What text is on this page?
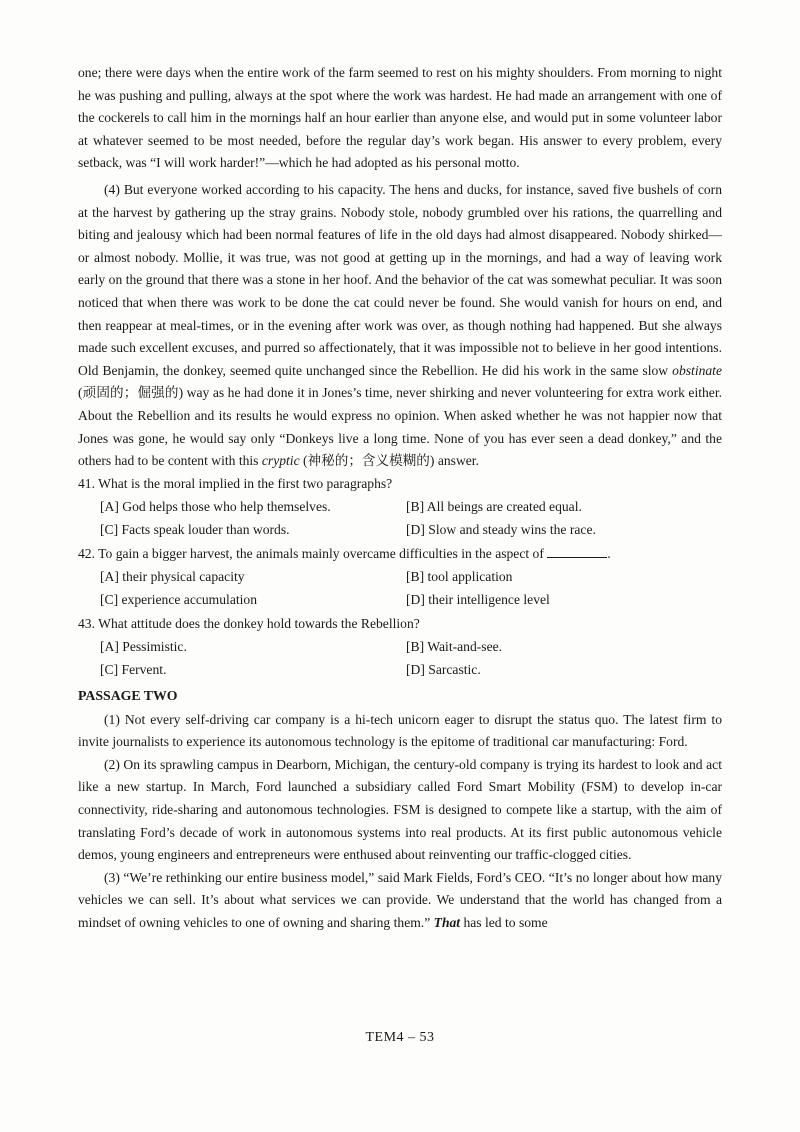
one; there were days when the entire work of the farm seemed to rest on his mighty shoulders. From morning to night he was pushing and pulling, always at the spot where the work was hardest. He had made an arrangement with one of the cockerels to call him in the mornings half an hour earlier than anyone else, and would put in some volunteer labor at whatever seemed to be most needed, before the regular day’s work began. His answer to every problem, every setback, was “I will work harder!”—which he had adopted as his personal motto.

(4) But everyone worked according to his capacity. The hens and ducks, for instance, saved five bushels of corn at the harvest by gathering up the stray grains. Nobody stole, nobody grumbled over his rations, the quarrelling and biting and jealousy which had been normal features of life in the old days had almost disappeared. Nobody shirked—or almost nobody. Mollie, it was true, was not good at getting up in the mornings, and had a way of leaving work early on the ground that there was a stone in her hoof. And the behavior of the cat was somewhat peculiar. It was soon noticed that when there was work to be done the cat could never be found. She would vanish for hours on end, and then reappear at meal-times, or in the evening after work was over, as though nothing had happened. But she always made such excellent excuses, and purred so affectionately, that it was impossible not to believe in her good intentions. Old Benjamin, the donkey, seemed quite unchanged since the Rebellion. He did his work in the same slow obstinate (顽固的；倔强的) way as he had done it in Jones’s time, never shirking and never volunteering for extra work either. About the Rebellion and its results he would express no opinion. When asked whether he was not happier now that Jones was gone, he would say only “Donkeys live a long time. None of you has ever seen a dead donkey,” and the others had to be content with this cryptic (神秘的；含义模糊的) answer.

41. What is the moral implied in the first two paragraphs?

[A] God helps those who help themselves.	[B] All beings are created equal.
[C] Facts speak louder than words.	[D] Slow and steady wins the race.

42. To gain a bigger harvest, the animals mainly overcame difficulties in the aspect of	.

[A] their physical capacity	[B] tool application
[C] experience accumulation	[D] their intelligence level

43. What attitude does the donkey hold towards the Rebellion?

[A] Pessimistic.	[B] Wait-and-see.
[C] Fervent.	[D] Sarcastic.
PASSAGE TWO

(1) Not every self-driving car company is a hi-tech unicorn eager to disrupt the status quo. The latest firm to invite journalists to experience its autonomous technology is the epitome of traditional car manufacturing: Ford.

(2) On its sprawling campus in Dearborn, Michigan, the century-old company is trying its hardest to look and act like a new startup. In March, Ford launched a subsidiary called Ford Smart Mobility (FSM) to develop in-car connectivity, ride-sharing and autonomous technologies. FSM is designed to compete like a startup, with the aim of translating Ford’s decade of work in autonomous systems into real products. At its first public autonomous vehicle demos, young engineers and entrepreneurs were enthused about reinventing our traffic-clogged cities.

(3) “We’re rethinking our entire business model,” said Mark Fields, Ford’s CEO. “It’s no longer about how many vehicles we can sell. It’s about what services we can provide. We understand that the world has changed from a mindset of owning vehicles to one of owning and sharing them.” That has led to some

TEM4 – 53
